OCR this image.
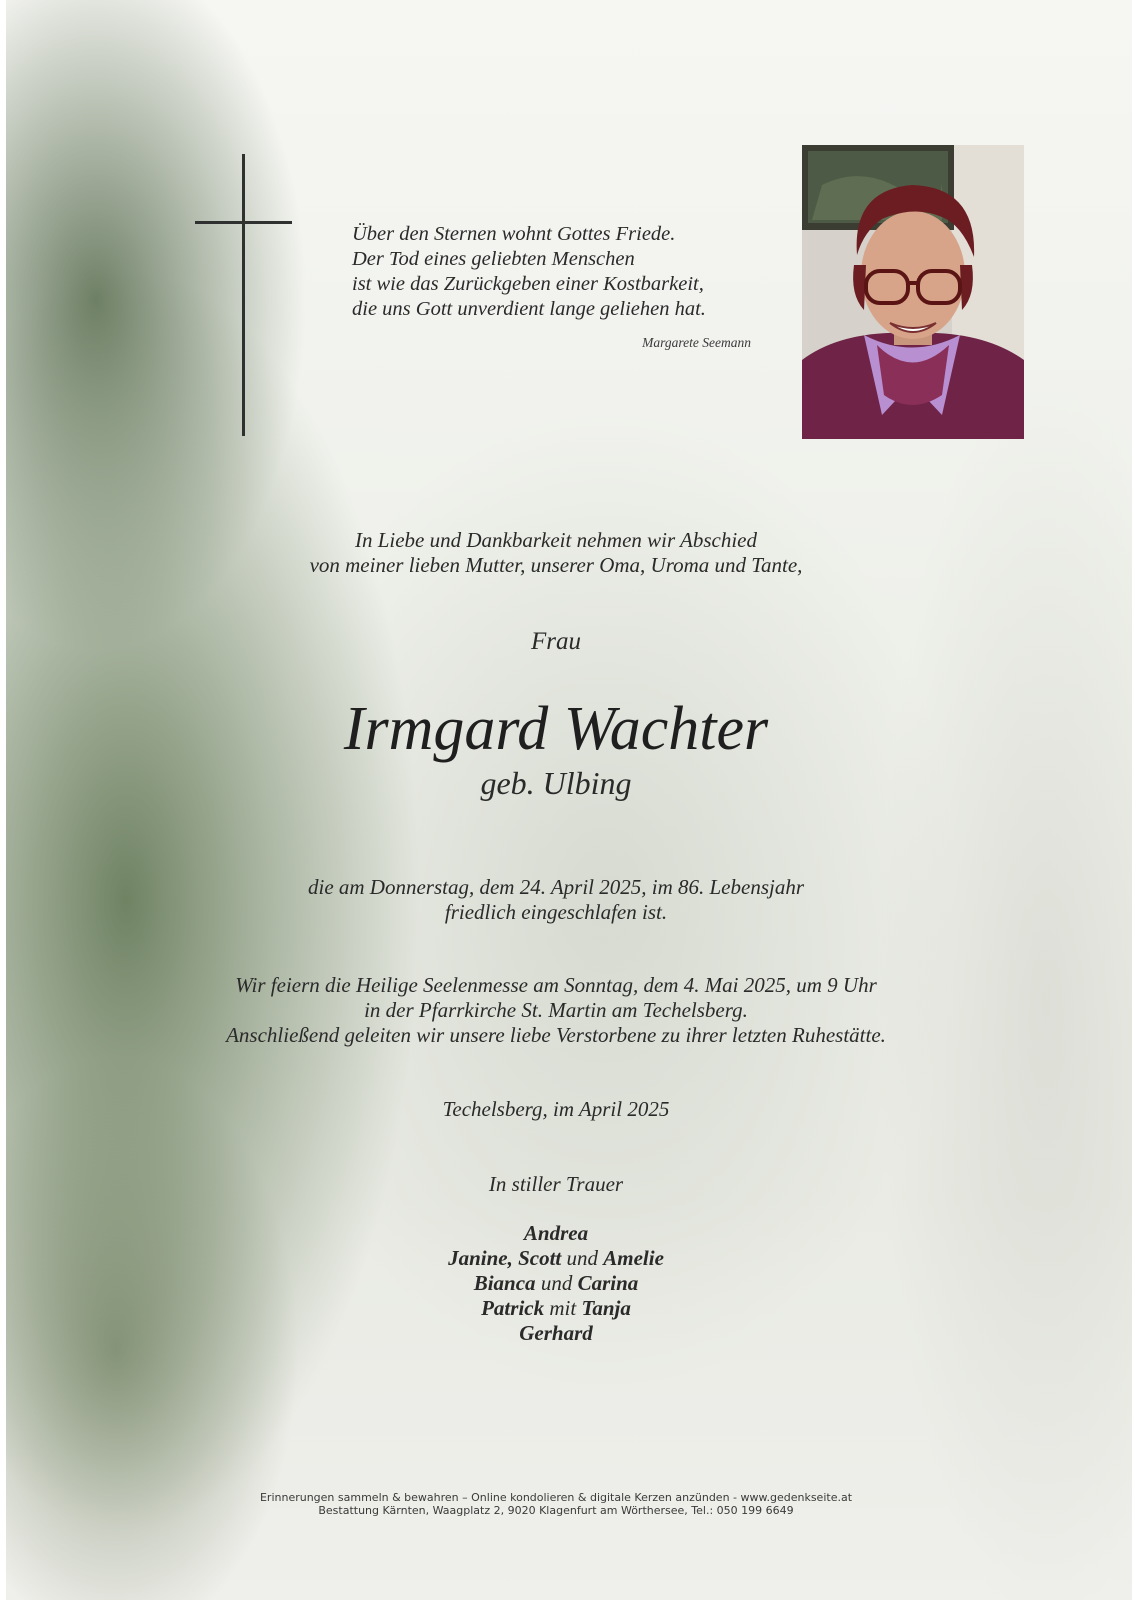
Über den Sternen wohnt Gottes Friede.
Der Tod eines geliebten Menschen
ist wie das Zurückgeben einer Kostbarkeit,
die uns Gott unverdient lange geliehen hat.
Margarete Seemann
In Liebe und Dankbarkeit nehmen wir Abschied
von meiner lieben Mutter, unserer Oma, Uroma und Tante,
Frau
Irmgard Wachter
geb. Ulbing
die am Donnerstag, dem 24. April 2025, im 86. Lebensjahr
friedlich eingeschlafen ist.
Wir feiern die Heilige Seelenmesse am Sonntag, dem 4. Mai 2025, um 9 Uhr
in der Pfarrkirche St. Martin am Techelsberg.
Anschließend geleiten wir unsere liebe Verstorbene zu ihrer letzten Ruhestätte.
Techelsberg, im April 2025
In stiller Trauer
Andrea
Janine, Scott und Amelie
Bianca und Carina
Patrick mit Tanja
Gerhard
Erinnerungen sammeln & bewahren – Online kondolieren & digitale Kerzen anzünden - www.gedenkseite.at
Bestattung Kärnten, Waagplatz 2, 9020 Klagenfurt am Wörthersee, Tel.: 050 199 6649
